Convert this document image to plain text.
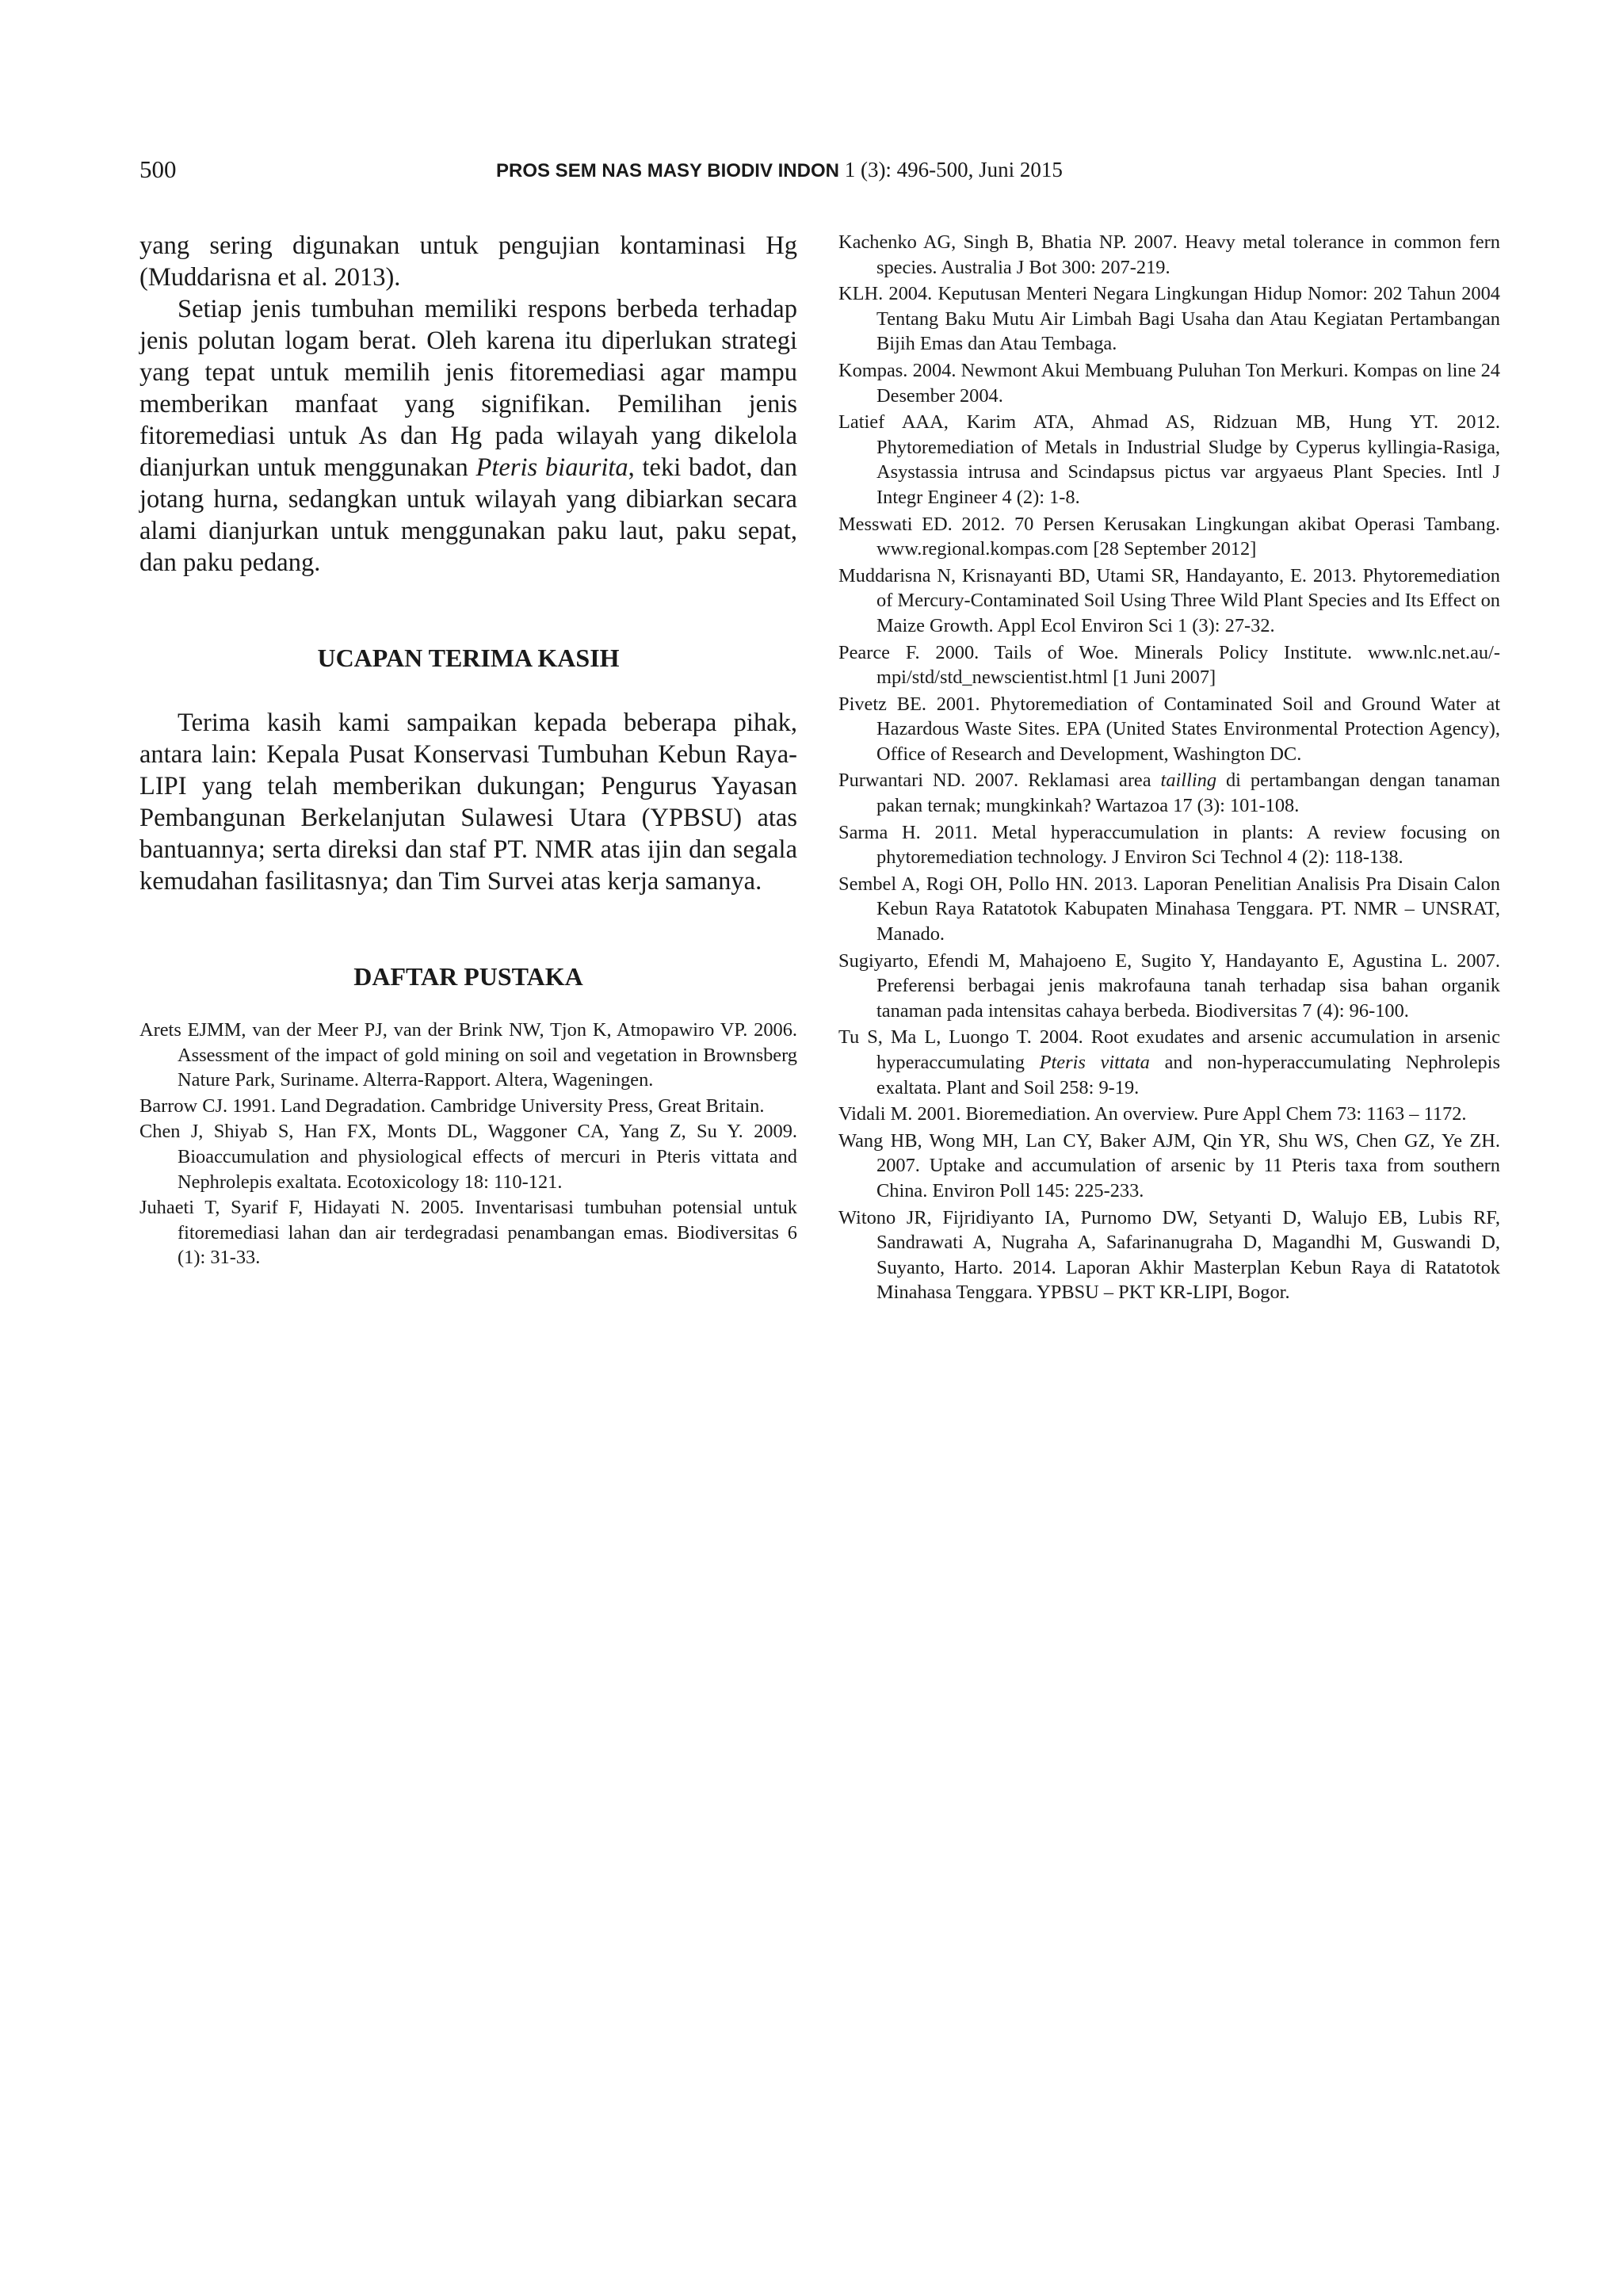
500	PROS SEM NAS MASY BIODIV INDON 1 (3): 496-500, Juni 2015

yang sering digunakan untuk pengujian kontaminasi Hg (Muddarisna et al. 2013).

Setiap jenis tumbuhan memiliki respons berbeda terhadap jenis polutan logam berat. Oleh karena itu diperlukan strategi yang tepat untuk memilih jenis fitoremediasi agar mampu memberikan manfaat yang signifikan. Pemilihan jenis fitoremediasi untuk As dan Hg pada wilayah yang dikelola dianjurkan untuk menggunakan Pteris biaurita, teki badot, dan jotang hurna, sedangkan untuk wilayah yang dibiarkan secara alami dianjurkan untuk menggunakan paku laut, paku sepat, dan paku pedang.

UCAPAN TERIMA KASIH

Terima kasih kami sampaikan kepada beberapa pihak, antara lain: Kepala Pusat Konservasi Tumbuhan Kebun Raya-LIPI yang telah memberikan dukungan; Pengurus Yayasan Pembangunan Berkelanjutan Sulawesi Utara (YPBSU) atas bantuannya; serta direksi dan staf PT. NMR atas ijin dan segala kemudahan fasilitasnya; dan Tim Survei atas kerja samanya.

DAFTAR PUSTAKA
Arets EJMM, van der Meer PJ, van der Brink NW, Tjon K, Atmopawiro VP. 2006. Assessment of the impact of gold mining on soil and vegetation in Brownsberg Nature Park, Suriname. Alterra-Rapport. Altera, Wageningen.
Barrow CJ. 1991. Land Degradation. Cambridge University Press, Great Britain.
Chen J, Shiyab S, Han FX, Monts DL, Waggoner CA, Yang Z, Su Y. 2009. Bioaccumulation and physiological effects of mercuri in Pteris vittata and Nephrolepis exaltata. Ecotoxicology 18: 110-121.
Juhaeti T, Syarif F, Hidayati N. 2005. Inventarisasi tumbuhan potensial untuk fitoremediasi lahan dan air terdegradasi penambangan emas. Biodiversitas 6 (1): 31-33.
Kachenko AG, Singh B, Bhatia NP. 2007. Heavy metal tolerance in common fern species. Australia J Bot 300: 207-219.
KLH. 2004. Keputusan Menteri Negara Lingkungan Hidup Nomor: 202 Tahun 2004 Tentang Baku Mutu Air Limbah Bagi Usaha dan Atau Kegiatan Pertambangan Bijih Emas dan Atau Tembaga.
Kompas. 2004. Newmont Akui Membuang Puluhan Ton Merkuri. Kompas on line 24 Desember 2004.
Latief AAA, Karim ATA, Ahmad AS, Ridzuan MB, Hung YT. 2012. Phytoremediation of Metals in Industrial Sludge by Cyperus kyllingia-Rasiga, Asystassia intrusa and Scindapsus pictus var argyaeus Plant Species. Intl J Integr Engineer 4 (2): 1-8.
Messwati ED. 2012. 70 Persen Kerusakan Lingkungan akibat Operasi Tambang. www.regional.kompas.com [28 September 2012]
Muddarisna N, Krisnayanti BD, Utami SR, Handayanto, E. 2013. Phytoremediation of Mercury-Contaminated Soil Using Three Wild Plant Species and Its Effect on Maize Growth. Appl Ecol Environ Sci 1 (3): 27-32.
Pearce F. 2000. Tails of Woe. Minerals Policy Institute. www.nlc.net.au/-mpi/std/std_newscientist.html [1 Juni 2007]
Pivetz BE. 2001. Phytoremediation of Contaminated Soil and Ground Water at Hazardous Waste Sites. EPA (United States Environmental Protection Agency), Office of Research and Development, Washington DC.
Purwantari ND. 2007. Reklamasi area tailling di pertambangan dengan tanaman pakan ternak; mungkinkah? Wartazoa 17 (3): 101-108.
Sarma H. 2011. Metal hyperaccumulation in plants: A review focusing on phytoremediation technology. J Environ Sci Technol 4 (2): 118-138.
Sembel A, Rogi OH, Pollo HN. 2013. Laporan Penelitian Analisis Pra Disain Calon Kebun Raya Ratatotok Kabupaten Minahasa Tenggara. PT. NMR – UNSRAT, Manado.
Sugiyarto, Efendi M, Mahajoeno E, Sugito Y, Handayanto E, Agustina L. 2007. Preferensi berbagai jenis makrofauna tanah terhadap sisa bahan organik tanaman pada intensitas cahaya berbeda. Biodiversitas 7 (4): 96-100.
Tu S, Ma L, Luongo T. 2004. Root exudates and arsenic accumulation in arsenic hyperaccumulating Pteris vittata and non-hyperaccumulating Nephrolepis exaltata. Plant and Soil 258: 9-19.
Vidali M. 2001. Bioremediation. An overview. Pure Appl Chem 73: 1163 – 1172.
Wang HB, Wong MH, Lan CY, Baker AJM, Qin YR, Shu WS, Chen GZ, Ye ZH. 2007. Uptake and accumulation of arsenic by 11 Pteris taxa from southern China. Environ Poll 145: 225-233.
Witono JR, Fijridiyanto IA, Purnomo DW, Setyanti D, Walujo EB, Lubis RF, Sandrawati A, Nugraha A, Safarinanugraha D, Magandhi M, Guswandi D, Suyanto, Harto. 2014. Laporan Akhir Masterplan Kebun Raya di Ratatotok Minahasa Tenggara. YPBSU – PKT KR-LIPI, Bogor.
